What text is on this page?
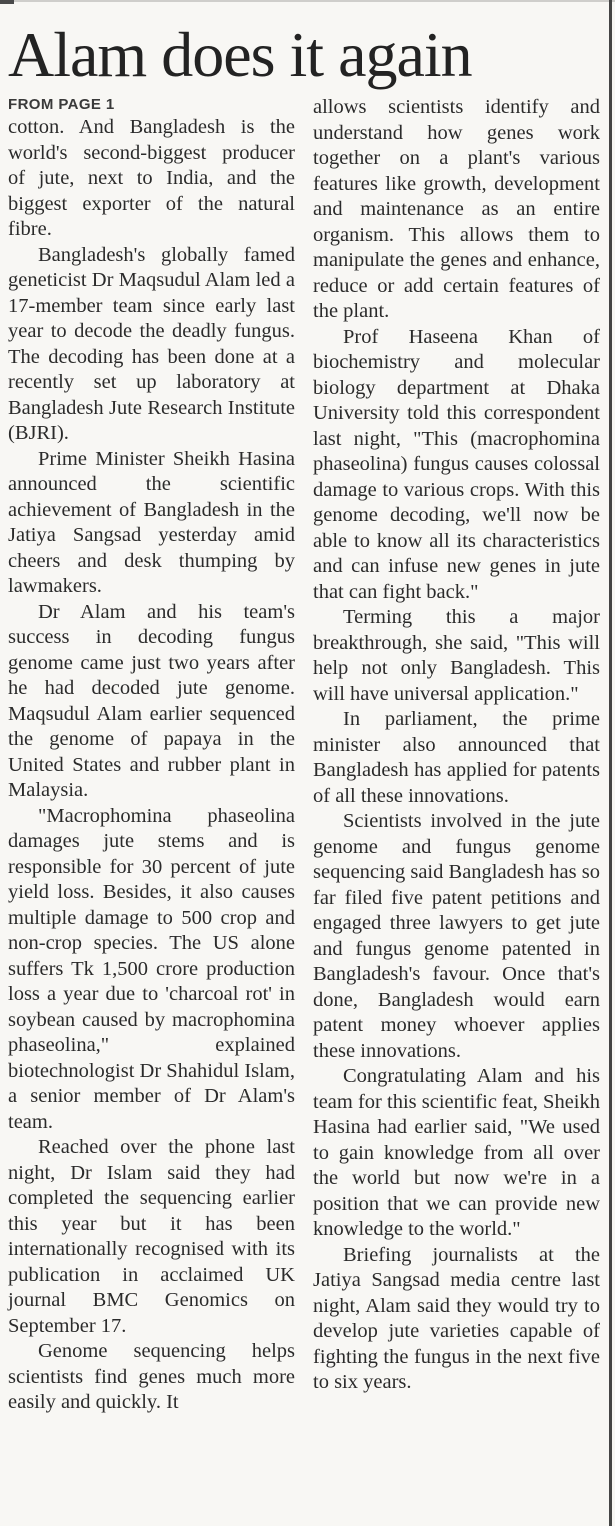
Alam does it again
FROM PAGE 1

cotton. And Bangladesh is the world's second-biggest producer of jute, next to India, and the biggest exporter of the natural fibre.

Bangladesh's globally famed geneticist Dr Maqsudul Alam led a 17-member team since early last year to decode the deadly fungus. The decoding has been done at a recently set up laboratory at Bangladesh Jute Research Institute (BJRI).

Prime Minister Sheikh Hasina announced the scientific achievement of Bangladesh in the Jatiya Sangsad yesterday amid cheers and desk thumping by lawmakers.

Dr Alam and his team's success in decoding fungus genome came just two years after he had decoded jute genome. Maqsudul Alam earlier sequenced the genome of papaya in the United States and rubber plant in Malaysia.

"Macrophomina phaseolina damages jute stems and is responsible for 30 percent of jute yield loss. Besides, it also causes multiple damage to 500 crop and non-crop species. The US alone suffers Tk 1,500 crore production loss a year due to 'charcoal rot' in soybean caused by macrophomina phaseolina," explained biotechnologist Dr Shahidul Islam, a senior member of Dr Alam's team.

Reached over the phone last night, Dr Islam said they had completed the sequencing earlier this year but it has been internationally recognised with its publication in acclaimed UK journal BMC Genomics on September 17.

Genome sequencing helps scientists find genes much more easily and quickly. It

allows scientists identify and understand how genes work together on a plant's various features like growth, development and maintenance as an entire organism. This allows them to manipulate the genes and enhance, reduce or add certain features of the plant.

Prof Haseena Khan of biochemistry and molecular biology department at Dhaka University told this correspondent last night, "This (macrophomina phaseolina) fungus causes colossal damage to various crops. With this genome decoding, we'll now be able to know all its characteristics and can infuse new genes in jute that can fight back."

Terming this a major breakthrough, she said, "This will help not only Bangladesh. This will have universal application."

In parliament, the prime minister also announced that Bangladesh has applied for patents of all these innovations.

Scientists involved in the jute genome and fungus genome sequencing said Bangladesh has so far filed five patent petitions and engaged three lawyers to get jute and fungus genome patented in Bangladesh's favour. Once that's done, Bangladesh would earn patent money whoever applies these innovations.

Congratulating Alam and his team for this scientific feat, Sheikh Hasina had earlier said, "We used to gain knowledge from all over the world but now we're in a position that we can provide new knowledge to the world."

Briefing journalists at the Jatiya Sangsad media centre last night, Alam said they would try to develop jute varieties capable of fighting the fungus in the next five to six years.
